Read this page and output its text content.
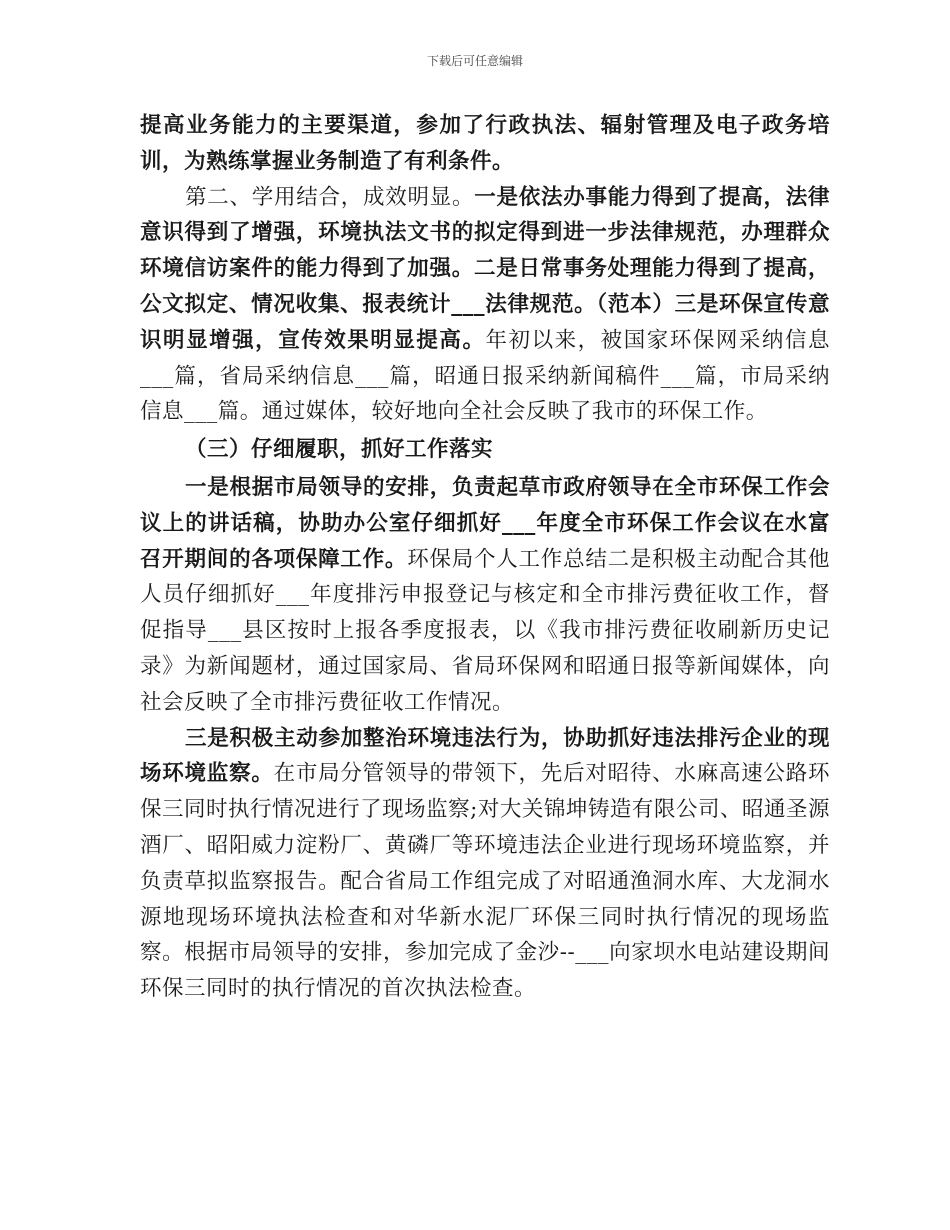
下载后可任意编辑

提高业务能力的主要渠道，参加了行政执法、辐射管理及电子政务培训，为熟练掌握业务制造了有利条件。

第二、学用结合，成效明显。一是依法办事能力得到了提高，法律意识得到了增强，环境执法文书的拟定得到进一步法律规范，办理群众环境信访案件的能力得到了加强。二是日常事务处理能力得到了提高，公文拟定、情况收集、报表统计___法律规范。（范本）三是环保宣传意识明显增强，宣传效果明显提高。年初以来，被国家环保网采纳信息___篇，省局采纳信息___篇，昭通日报采纳新闻稿件___篇，市局采纳信息___篇。通过媒体，较好地向全社会反映了我市的环保工作。

（三）仔细履职，抓好工作落实

一是根据市局领导的安排，负责起草市政府领导在全市环保工作会议上的讲话稿，协助办公室仔细抓好___年度全市环保工作会议在水富召开期间的各项保障工作。环保局个人工作总结二是积极主动配合其他人员仔细抓好___年度排污申报登记与核定和全市排污费征收工作，督促指导___县区按时上报各季度报表，以《我市排污费征收刷新历史记录》为新闻题材，通过国家局、省局环保网和昭通日报等新闻媒体，向社会反映了全市排污费征收工作情况。

三是积极主动参加整治环境违法行为，协助抓好违法排污企业的现场环境监察。在市局分管领导的带领下，先后对昭待、水麻高速公路环保三同时执行情况进行了现场监察;对大关锦坤铸造有限公司、昭通圣源酒厂、昭阳威力淀粉厂、黄磷厂等环境违法企业进行现场环境监察，并负责草拟监察报告。配合省局工作组完成了对昭通渔洞水库、大龙洞水源地现场环境执法检查和对华新水泥厂环保三同时执行情况的现场监察。根据市局领导的安排，参加完成了金沙--___向家坝水电站建设期间环保三同时的执行情况的首次执法检查。
